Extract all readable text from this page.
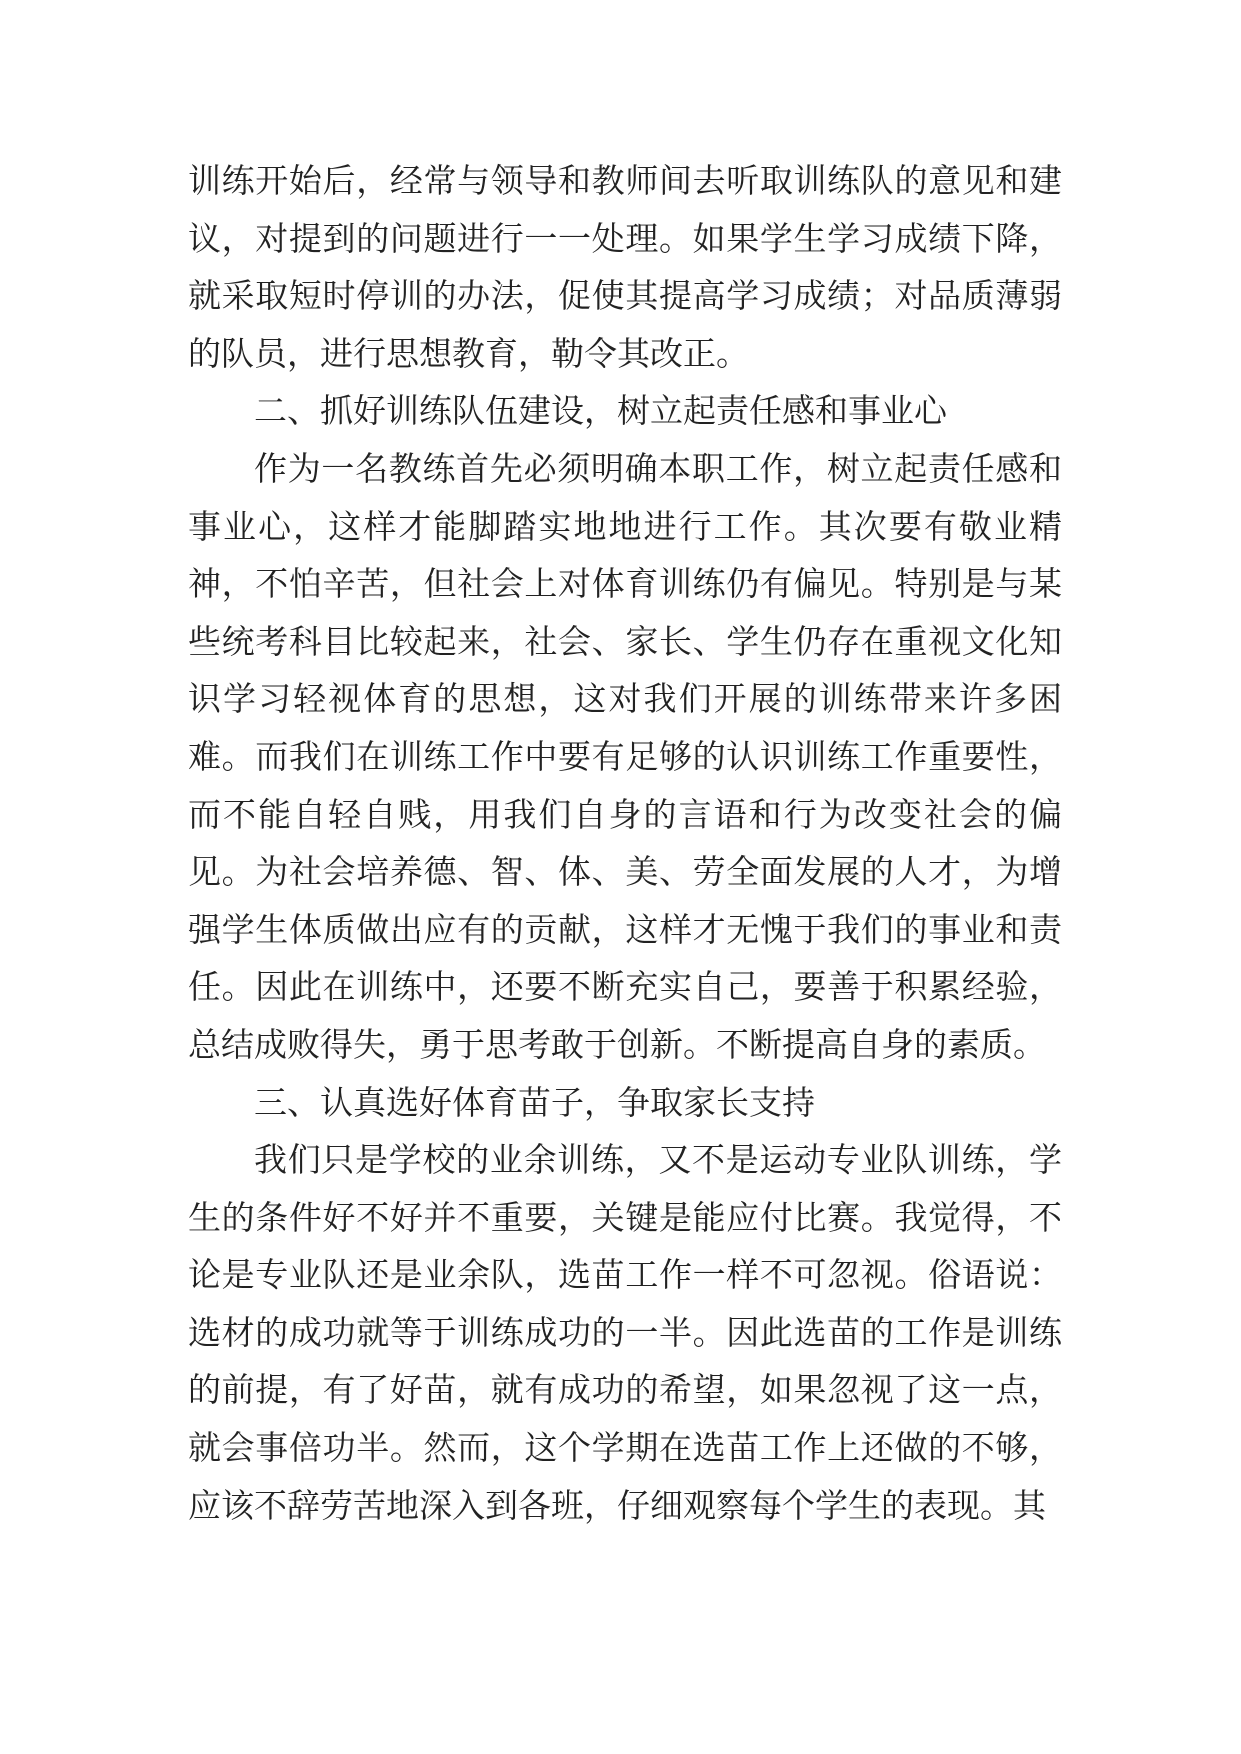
训练开始后，经常与领导和教师间去听取训练队的意见和建议，对提到的问题进行一一处理。如果学生学习成绩下降，就采取短时停训的办法，促使其提高学习成绩；对品质薄弱的队员，进行思想教育，勒令其改正。

二、抓好训练队伍建设，树立起责任感和事业心

作为一名教练首先必须明确本职工作，树立起责任感和事业心，这样才能脚踏实地地进行工作。其次要有敬业精神，不怕辛苦，但社会上对体育训练仍有偏见。特别是与某些统考科目比较起来，社会、家长、学生仍存在重视文化知识学习轻视体育的思想，这对我们开展的训练带来许多困难。而我们在训练工作中要有足够的认识训练工作重要性，而不能自轻自贱，用我们自身的言语和行为改变社会的偏见。为社会培养德、智、体、美、劳全面发展的人才，为增强学生体质做出应有的贡献，这样才无愧于我们的事业和责任。因此在训练中，还要不断充实自己，要善于积累经验，总结成败得失，勇于思考敢于创新。不断提高自身的素质。

三、认真选好体育苗子，争取家长支持

我们只是学校的业余训练，又不是运动专业队训练，学生的条件好不好并不重要，关键是能应付比赛。我觉得，不论是专业队还是业余队，选苗工作一样不可忽视。俗语说：选材的成功就等于训练成功的一半。因此选苗的工作是训练的前提，有了好苗，就有成功的希望，如果忽视了这一点，就会事倍功半。然而，这个学期在选苗工作上还做的不够，应该不辞劳苦地深入到各班，仔细观察每个学生的表现。其
